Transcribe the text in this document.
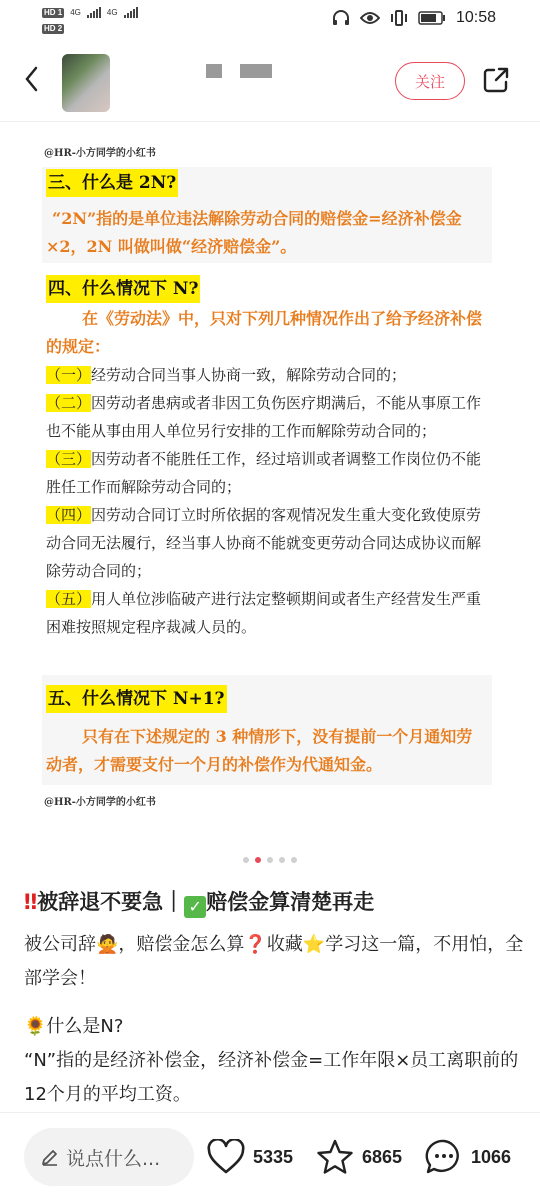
HD 1 4G	4G
HD 2
10:58
关注
@HR-小方同学的小红书
三、什么是 2N?
“2N”指的是单位违法解除劳动合同的赔偿金=经济补偿金×2，2N 叫做叫做“经济赔偿金”。
四、什么情况下 N?
在《劳动法》中，只对下列几种情况作出了给予经济补偿的规定：
（一）经劳动合同当事人协商一致，解除劳动合同的；
（二）因劳动者患病或者非因工负伤医疗期满后，不能从事原工作也不能从事由用人单位另行安排的工作而解除劳动合同的；
（三）因劳动者不能胜任工作，经过培训或者调整工作岗位仍不能胜任工作而解除劳动合同的；
（四）因劳动合同订立时所依据的客观情况发生重大变化致使原劳动合同无法履行，经当事人协商不能就变更劳动合同达成协议而解除劳动合同的；
（五）用人单位涉临破产进行法定整顿期间或者生产经营发生严重困难按照规定程序裁减人员的。
五、什么情况下 N+1?
只有在下述规定的 3 种情形下，没有提前一个月通知劳动者，才需要支付一个月的补偿作为代通知金。
@HR-小方同学的小红书
‼被辞退不要急｜ ✓ 赔偿金算清楚再走
被公司辞🙅，赔偿金怎么算❓收藏⭐学习这一篇，不用怕，全部学会！
🌻什么是N?
“N”指的是经济补偿金，经济补偿金=工作年限×员工离职前的12个月的平均工资。
说点什么...	5335	6865	1066
